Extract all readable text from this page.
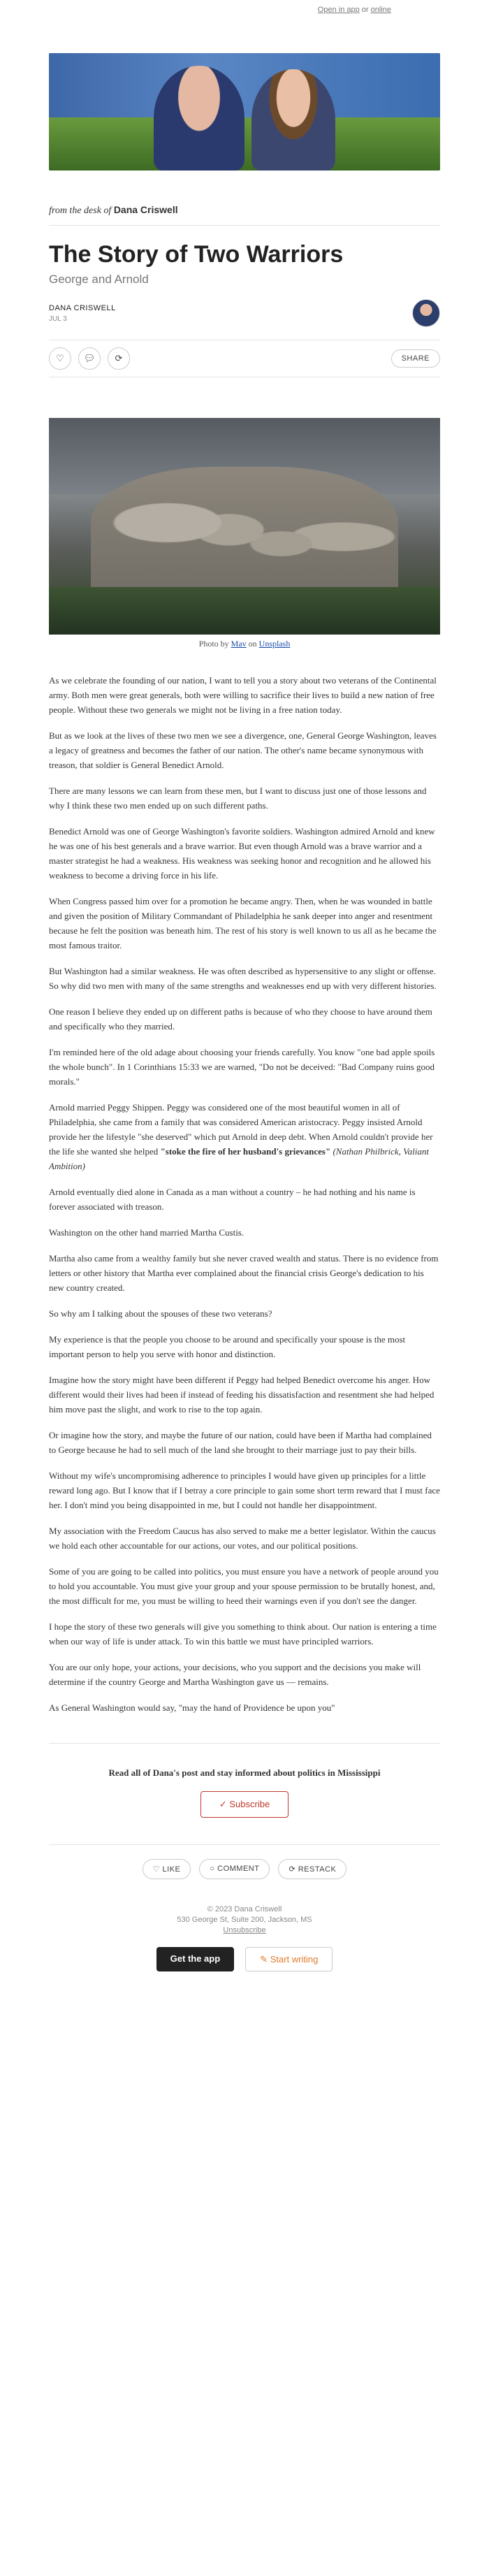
Open in app or online
from the desk of Dana Criswell
The Story of Two Warriors
George and Arnold
DANA CRISWELL
JUL 3
♡ 💬︎ ⟳	SHARE
Photo by Mav on Unsplash

As we celebrate the founding of our nation, I want to tell you a story about two veterans of the Continental army. Both men were great generals, both were willing to sacrifice their lives to build a new nation of free people. Without these two generals we might not be living in a free nation today.

But as we look at the lives of these two men we see a divergence, one, General George Washington, leaves a legacy of greatness and becomes the father of our nation. The other's name became synonymous with treason, that soldier is General Benedict Arnold.

There are many lessons we can learn from these men, but I want to discuss just one of those lessons and why I think these two men ended up on such different paths.

Benedict Arnold was one of George Washington's favorite soldiers. Washington admired Arnold and knew he was one of his best generals and a brave warrior. But even though Arnold was a brave warrior and a master strategist he had a weakness. His weakness was seeking honor and recognition and he allowed his weakness to become a driving force in his life.

When Congress passed him over for a promotion he became angry. Then, when he was wounded in battle and given the position of Military Commandant of Philadelphia he sank deeper into anger and resentment because he felt the position was beneath him. The rest of his story is well known to us all as he became the most famous traitor.

But Washington had a similar weakness. He was often described as hypersensitive to any slight or offense. So why did two men with many of the same strengths and weaknesses end up with very different histories.

One reason I believe they ended up on different paths is because of who they choose to have around them and specifically who they married.

I'm reminded here of the old adage about choosing your friends carefully. You know "one bad apple spoils the whole bunch". In 1 Corinthians 15:33 we are warned, "Do not be deceived: "Bad Company ruins good morals."

Arnold married Peggy Shippen. Peggy was considered one of the most beautiful women in all of Philadelphia, she came from a family that was considered American aristocracy. Peggy insisted Arnold provide her the lifestyle "she deserved" which put Arnold in deep debt. When Arnold couldn't provide her the life she wanted she helped "stoke the fire of her husband's grievances" (Nathan Philbrick, Valiant Ambition)

Arnold eventually died alone in Canada as a man without a country – he had nothing and his name is forever associated with treason.

Washington on the other hand married Martha Custis.

Martha also came from a wealthy family but she never craved wealth and status. There is no evidence from letters or other history that Martha ever complained about the financial crisis George's dedication to his new country created.

So why am I talking about the spouses of these two veterans?

My experience is that the people you choose to be around and specifically your spouse is the most important person to help you serve with honor and distinction.

Imagine how the story might have been different if Peggy had helped Benedict overcome his anger. How different would their lives had been if instead of feeding his dissatisfaction and resentment she had helped him move past the slight, and work to rise to the top again.

Or imagine how the story, and maybe the future of our nation, could have been if Martha had complained to George because he had to sell much of the land she brought to their marriage just to pay their bills.

Without my wife's uncompromising adherence to principles I would have given up principles for a little reward long ago. But I know that if I betray a core principle to gain some short term reward that I must face her. I don't mind you being disappointed in me, but I could not handle her disappointment.

My association with the Freedom Caucus has also served to make me a better legislator. Within the caucus we hold each other accountable for our actions, our votes, and our political positions.

Some of you are going to be called into politics, you must ensure you have a network of people around you to hold you accountable. You must give your group and your spouse permission to be brutally honest, and, the most difficult for me, you must be willing to heed their warnings even if you don't see the danger.

I hope the story of these two generals will give you something to think about. Our nation is entering a time when our way of life is under attack. To win this battle we must have principled warriors.

You are our only hope, your actions, your decisions, who you support and the decisions you make will determine if the country George and Martha Washington gave us — remains.

As General Washington would say, "may the hand of Providence be upon you"

Read all of Dana's post and stay informed about politics in Mississippi
✓ Subscribe
♡ LIKE	○ COMMENT	⟳ RESTACK
© 2023 Dana Criswell
530 George St, Suite 200, Jackson, MS
Unsubscribe
Get the app	✎ Start writing
